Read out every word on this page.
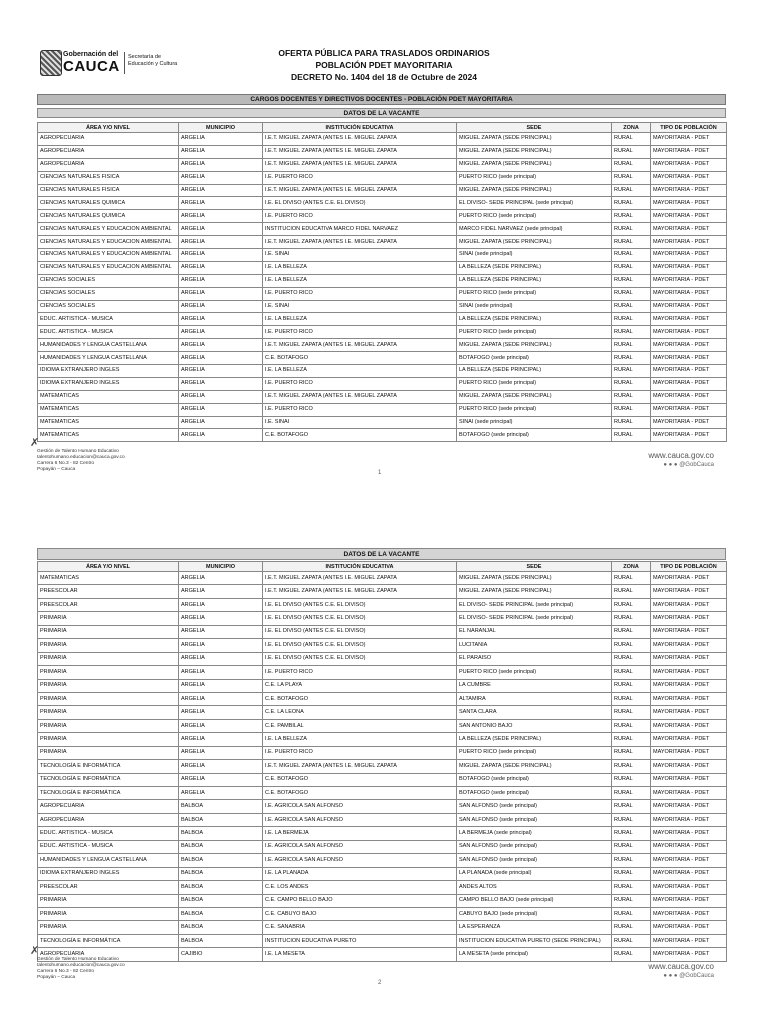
Gobernación del
CAUCA
Secretaría de Educación y Cultura
OFERTA PÚBLICA PARA TRASLADOS ORDINARIOS
POBLACIÓN PDET MAYORITARIA
DECRETO No. 1404 del 18 de Octubre de 2024
CARGOS DOCENTES Y DIRECTIVOS DOCENTES - POBLACIÓN PDET MAYORITARIA
DATOS DE LA VACANTE
ÁREA Y/O NIVEL	MUNICIPIO	INSTITUCIÓN EDUCATIVA	SEDE	ZONA	TIPO DE POBLACIÓN
AGROPECUARIA	ARGELIA	I.E.T. MIGUEL ZAPATA (ANTES I.E. MIGUEL ZAPATA	MIGUEL ZAPATA (SEDE PRINCIPAL)	RURAL	MAYORITARIA - PDET
AGROPECUARIA	ARGELIA	I.E.T. MIGUEL ZAPATA (ANTES I.E. MIGUEL ZAPATA	MIGUEL ZAPATA (SEDE PRINCIPAL)	RURAL	MAYORITARIA - PDET
AGROPECUARIA	ARGELIA	I.E.T. MIGUEL ZAPATA (ANTES I.E. MIGUEL ZAPATA	MIGUEL ZAPATA (SEDE PRINCIPAL)	RURAL	MAYORITARIA - PDET
CIENCIAS NATURALES FISICA	ARGELIA	I.E. PUERTO RICO	PUERTO RICO (sede principal)	RURAL	MAYORITARIA - PDET
CIENCIAS NATURALES FISICA	ARGELIA	I.E.T. MIGUEL ZAPATA (ANTES I.E. MIGUEL ZAPATA	MIGUEL ZAPATA (SEDE PRINCIPAL)	RURAL	MAYORITARIA - PDET
CIENCIAS NATURALES QUIMICA	ARGELIA	I.E. EL DIVISO (ANTES C.E. EL DIVISO)	EL DIVISO- SEDE PRINCIPAL (sede principal)	RURAL	MAYORITARIA - PDET
CIENCIAS NATURALES QUIMICA	ARGELIA	I.E. PUERTO RICO	PUERTO RICO (sede principal)	RURAL	MAYORITARIA - PDET
CIENCIAS NATURALES Y EDUCACION AMBIENTAL	ARGELIA	INSTITUCION EDUCATIVA MARCO FIDEL NARVAEZ	MARCO FIDEL NARVAEZ (sede principal)	RURAL	MAYORITARIA - PDET
CIENCIAS NATURALES Y EDUCACION AMBIENTAL	ARGELIA	I.E.T. MIGUEL ZAPATA (ANTES I.E. MIGUEL ZAPATA	MIGUEL ZAPATA (SEDE PRINCIPAL)	RURAL	MAYORITARIA - PDET
CIENCIAS NATURALES Y EDUCACION AMBIENTAL	ARGELIA	I.E. SINAI	SINAI (sede principal)	RURAL	MAYORITARIA - PDET
CIENCIAS NATURALES Y EDUCACION AMBIENTAL	ARGELIA	I.E. LA BELLEZA	LA BELLEZA (SEDE PRINCIPAL)	RURAL	MAYORITARIA - PDET
CIENCIAS SOCIALES	ARGELIA	I.E. LA BELLEZA	LA BELLEZA (SEDE PRINCIPAL)	RURAL	MAYORITARIA - PDET
CIENCIAS SOCIALES	ARGELIA	I.E. PUERTO RICO	PUERTO RICO (sede principal)	RURAL	MAYORITARIA - PDET
CIENCIAS SOCIALES	ARGELIA	I.E. SINAI	SINAI (sede principal)	RURAL	MAYORITARIA - PDET
EDUC. ARTISTICA - MUSICA	ARGELIA	I.E. LA BELLEZA	LA BELLEZA (SEDE PRINCIPAL)	RURAL	MAYORITARIA - PDET
EDUC. ARTISTICA - MUSICA	ARGELIA	I.E. PUERTO RICO	PUERTO RICO (sede principal)	RURAL	MAYORITARIA - PDET
HUMANIDADES Y LENGUA CASTELLANA	ARGELIA	I.E.T. MIGUEL ZAPATA (ANTES I.E. MIGUEL ZAPATA	MIGUEL ZAPATA (SEDE PRINCIPAL)	RURAL	MAYORITARIA - PDET
HUMANIDADES Y LENGUA CASTELLANA	ARGELIA	C.E. BOTAFOGO	BOTAFOGO (sede principal)	RURAL	MAYORITARIA - PDET
IDIOMA EXTRANJERO INGLES	ARGELIA	I.E. LA BELLEZA	LA BELLEZA (SEDE PRINCIPAL)	RURAL	MAYORITARIA - PDET
IDIOMA EXTRANJERO INGLES	ARGELIA	I.E. PUERTO RICO	PUERTO RICO (sede principal)	RURAL	MAYORITARIA - PDET
MATEMATICAS	ARGELIA	I.E.T. MIGUEL ZAPATA (ANTES I.E. MIGUEL ZAPATA	MIGUEL ZAPATA (SEDE PRINCIPAL)	RURAL	MAYORITARIA - PDET
MATEMATICAS	ARGELIA	I.E. PUERTO RICO	PUERTO RICO (sede principal)	RURAL	MAYORITARIA - PDET
MATEMATICAS	ARGELIA	I.E. SINAI	SINAI (sede principal)	RURAL	MAYORITARIA - PDET
MATEMATICAS	ARGELIA	C.E. BOTAFOGO	BOTAFOGO (sede principal)	RURAL	MAYORITARIA - PDET
✗
Gestión de Talento Humano Educativo
talentohumano.educacion@cauca.gov.co
Carrera 6 No.3 - 82 Centro
Popayán – Cauca
1
www.cauca.gov.co
● ● ● @GobCauca
DATOS DE LA VACANTE
ÁREA Y/O NIVEL	MUNICIPIO	INSTITUCIÓN EDUCATIVA	SEDE	ZONA	TIPO DE POBLACIÓN
MATEMATICAS	ARGELIA	I.E.T. MIGUEL ZAPATA (ANTES I.E. MIGUEL ZAPATA	MIGUEL ZAPATA (SEDE PRINCIPAL)	RURAL	MAYORITARIA - PDET
PREESCOLAR	ARGELIA	I.E.T. MIGUEL ZAPATA (ANTES I.E. MIGUEL ZAPATA	MIGUEL ZAPATA (SEDE PRINCIPAL)	RURAL	MAYORITARIA - PDET
PREESCOLAR	ARGELIA	I.E. EL DIVISO (ANTES C.E. EL DIVISO)	EL DIVISO- SEDE PRINCIPAL (sede principal)	RURAL	MAYORITARIA - PDET
PRIMARIA	ARGELIA	I.E. EL DIVISO (ANTES C.E. EL DIVISO)	EL DIVISO- SEDE PRINCIPAL (sede principal)	RURAL	MAYORITARIA - PDET
PRIMARIA	ARGELIA	I.E. EL DIVISO (ANTES C.E. EL DIVISO)	EL NARANJAL	RURAL	MAYORITARIA - PDET
PRIMARIA	ARGELIA	I.E. EL DIVISO (ANTES C.E. EL DIVISO)	LUCITANIA	RURAL	MAYORITARIA - PDET
PRIMARIA	ARGELIA	I.E. EL DIVISO (ANTES C.E. EL DIVISO)	EL PARAISO	RURAL	MAYORITARIA - PDET
PRIMARIA	ARGELIA	I.E. PUERTO RICO	PUERTO RICO (sede principal)	RURAL	MAYORITARIA - PDET
PRIMARIA	ARGELIA	C.E. LA PLAYA	LA CUMBRE	RURAL	MAYORITARIA - PDET
PRIMARIA	ARGELIA	C.E. BOTAFOGO	ALTAMIRA	RURAL	MAYORITARIA - PDET
PRIMARIA	ARGELIA	C.E. LA LEONA	SANTA CLARA	RURAL	MAYORITARIA - PDET
PRIMARIA	ARGELIA	C.E. PAMBILAL	SAN ANTONIO BAJO	RURAL	MAYORITARIA - PDET
PRIMARIA	ARGELIA	I.E. LA BELLEZA	LA BELLEZA (SEDE PRINCIPAL)	RURAL	MAYORITARIA - PDET
PRIMARIA	ARGELIA	I.E. PUERTO RICO	PUERTO RICO (sede principal)	RURAL	MAYORITARIA - PDET
TECNOLOGÍA E INFORMÁTICA	ARGELIA	I.E.T. MIGUEL ZAPATA (ANTES I.E. MIGUEL ZAPATA	MIGUEL ZAPATA (SEDE PRINCIPAL)	RURAL	MAYORITARIA - PDET
TECNOLOGÍA E INFORMÁTICA	ARGELIA	C.E. BOTAFOGO	BOTAFOGO (sede principal)	RURAL	MAYORITARIA - PDET
TECNOLOGÍA E INFORMÁTICA	ARGELIA	C.E. BOTAFOGO	BOTAFOGO (sede principal)	RURAL	MAYORITARIA - PDET
AGROPECUARIA	BALBOA	I.E. AGRICOLA SAN ALFONSO	SAN ALFONSO (sede principal)	RURAL	MAYORITARIA - PDET
AGROPECUARIA	BALBOA	I.E. AGRICOLA SAN ALFONSO	SAN ALFONSO (sede principal)	RURAL	MAYORITARIA - PDET
EDUC. ARTISTICA - MUSICA	BALBOA	I.E. LA BERMEJA	LA BERMEJA (sede principal)	RURAL	MAYORITARIA - PDET
EDUC. ARTISTICA - MUSICA	BALBOA	I.E. AGRICOLA SAN ALFONSO	SAN ALFONSO (sede principal)	RURAL	MAYORITARIA - PDET
HUMANIDADES Y LENGUA CASTELLANA	BALBOA	I.E. AGRICOLA SAN ALFONSO	SAN ALFONSO (sede principal)	RURAL	MAYORITARIA - PDET
IDIOMA EXTRANJERO INGLES	BALBOA	I.E. LA PLANADA	LA PLANADA (sede principal)	RURAL	MAYORITARIA - PDET
PREESCOLAR	BALBOA	C.E. LOS ANDES	ANDES ALTOS	RURAL	MAYORITARIA - PDET
PRIMARIA	BALBOA	C.E. CAMPO BELLO BAJO	CAMPO BELLO BAJO (sede principal)	RURAL	MAYORITARIA - PDET
PRIMARIA	BALBOA	C.E. CABUYO BAJO	CABUYO BAJO (sede principal)	RURAL	MAYORITARIA - PDET
PRIMARIA	BALBOA	C.E. SANABRIA	LA ESPERANZA	RURAL	MAYORITARIA - PDET
TECNOLOGÍA E INFORMÁTICA	BALBOA	INSTITUCION EDUCATIVA PURETO	INSTITUCION EDUCATIVA PURETO (SEDE PRINCIPAL)	RURAL	MAYORITARIA - PDET
AGROPECUARIA	CAJIBIO	I.E. LA MESETA	LA MESETA (sede principal)	RURAL	MAYORITARIA - PDET
✗
Gestión de Talento Humano Educativo
talentohumano.educacion@cauca.gov.co
Carrera 6 No.3 - 82 Centro
Popayán – Cauca
2
www.cauca.gov.co
● ● ● @GobCauca
